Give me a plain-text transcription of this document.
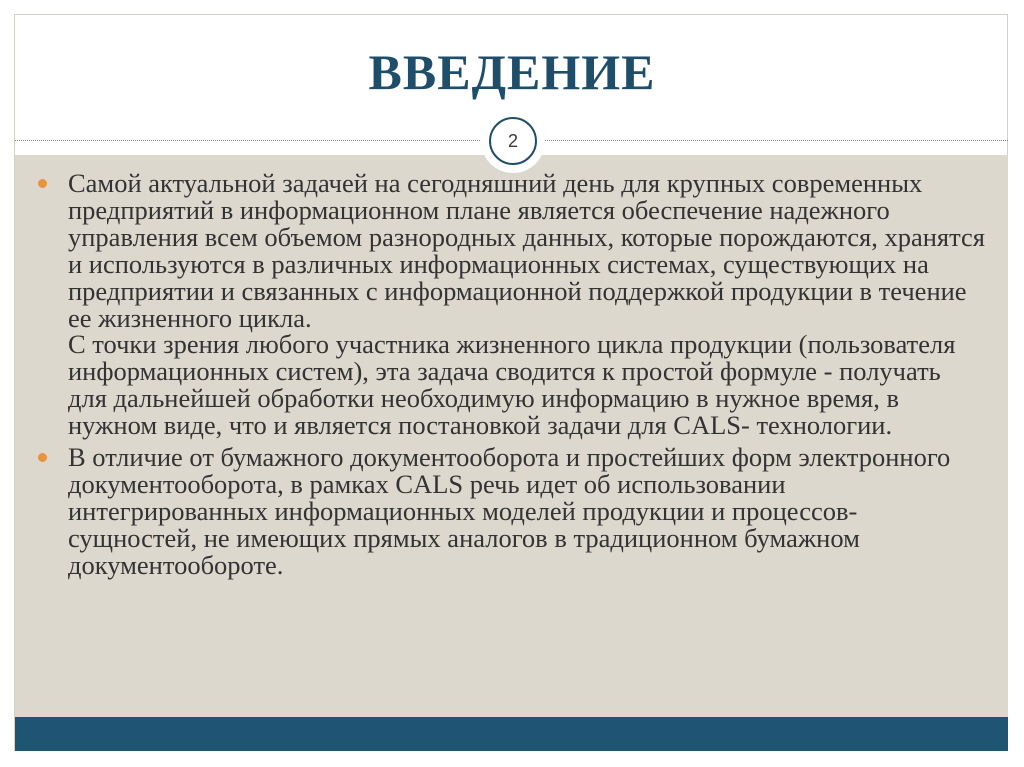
ВВЕДЕНИЕ
2
Самой актуальной задачей на сегодняшний день для крупных современных предприятий в информационном плане является обеспечение надежного управления всем объемом разнородных данных, которые порождаются, хранятся и используются в различных информационных системах, существующих на предприятии и связанных с информационной поддержкой продукции в течение ее жизненного цикла.
С точки зрения любого участника жизненного цикла продукции (пользователя информационных систем), эта задача сводится к простой формуле - получать для дальнейшей обработки необходимую информацию в нужное время, в нужном виде, что и является постановкой задачи для CALS- технологии.
В отличие от бумажного документооборота и простейших форм электронного документооборота, в рамках CALS речь идет об использовании интегрированных информационных моделей продукции и процессов-сущностей, не имеющих прямых аналогов в традиционном бумажном документообороте.
